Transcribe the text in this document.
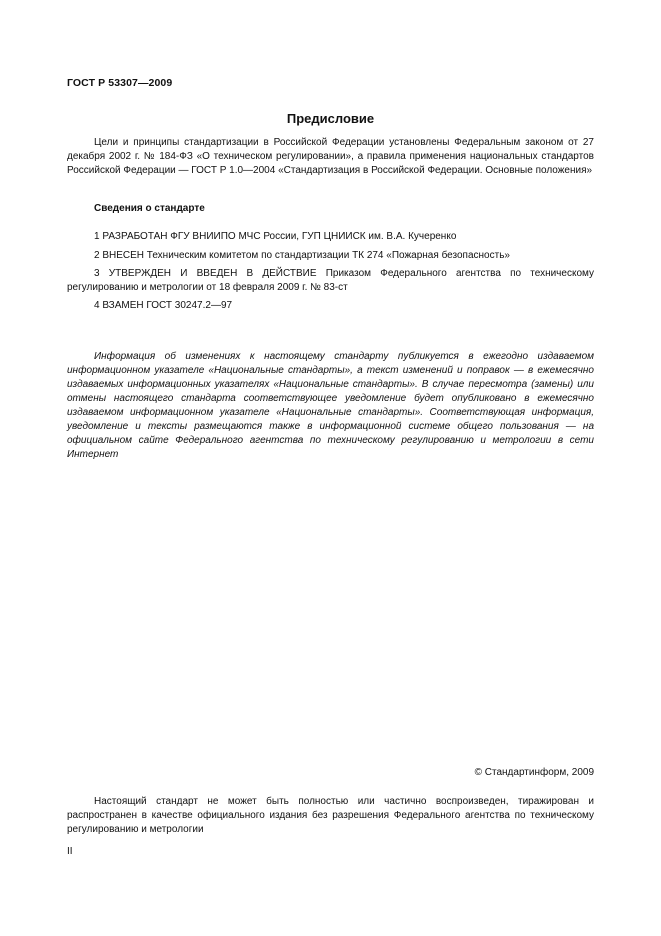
ГОСТ Р 53307—2009
Предисловие

Цели и принципы стандартизации в Российской Федерации установлены Федеральным законом от 27 декабря 2002 г. № 184-ФЗ «О техническом регулировании», а правила применения национальных стандартов Российской Федерации — ГОСТ Р 1.0—2004 «Стандартизация в Российской Федерации. Основные положения»

Сведения о стандарте

1 РАЗРАБОТАН ФГУ ВНИИПО МЧС России, ГУП ЦНИИСК им. В.А. Кучеренко

2 ВНЕСЕН Техническим комитетом по стандартизации ТК 274 «Пожарная безопасность»

3 УТВЕРЖДЕН И ВВЕДЕН В ДЕЙСТВИЕ Приказом Федерального агентства по техническому регулированию и метрологии от 18 февраля 2009 г. № 83-ст

4 ВЗАМЕН ГОСТ 30247.2—97

Информация об изменениях к настоящему стандарту публикуется в ежегодно издаваемом информационном указателе «Национальные стандарты», а текст изменений и поправок — в ежемесячно издаваемых информационных указателях «Национальные стандарты». В случае пересмотра (замены) или отмены настоящего стандарта соответствующее уведомление будет опубликовано в ежемесячно издаваемом информационном указателе «Национальные стандарты». Соответствующая информация, уведомление и тексты размещаются также в информационной системе общего пользования — на официальном сайте Федерального агентства по техническому регулированию и метрологии в сети Интернет

© Стандартинформ, 2009

Настоящий стандарт не может быть полностью или частично воспроизведен, тиражирован и распространен в качестве официального издания без разрешения Федерального агентства по техническому регулированию и метрологии

II
